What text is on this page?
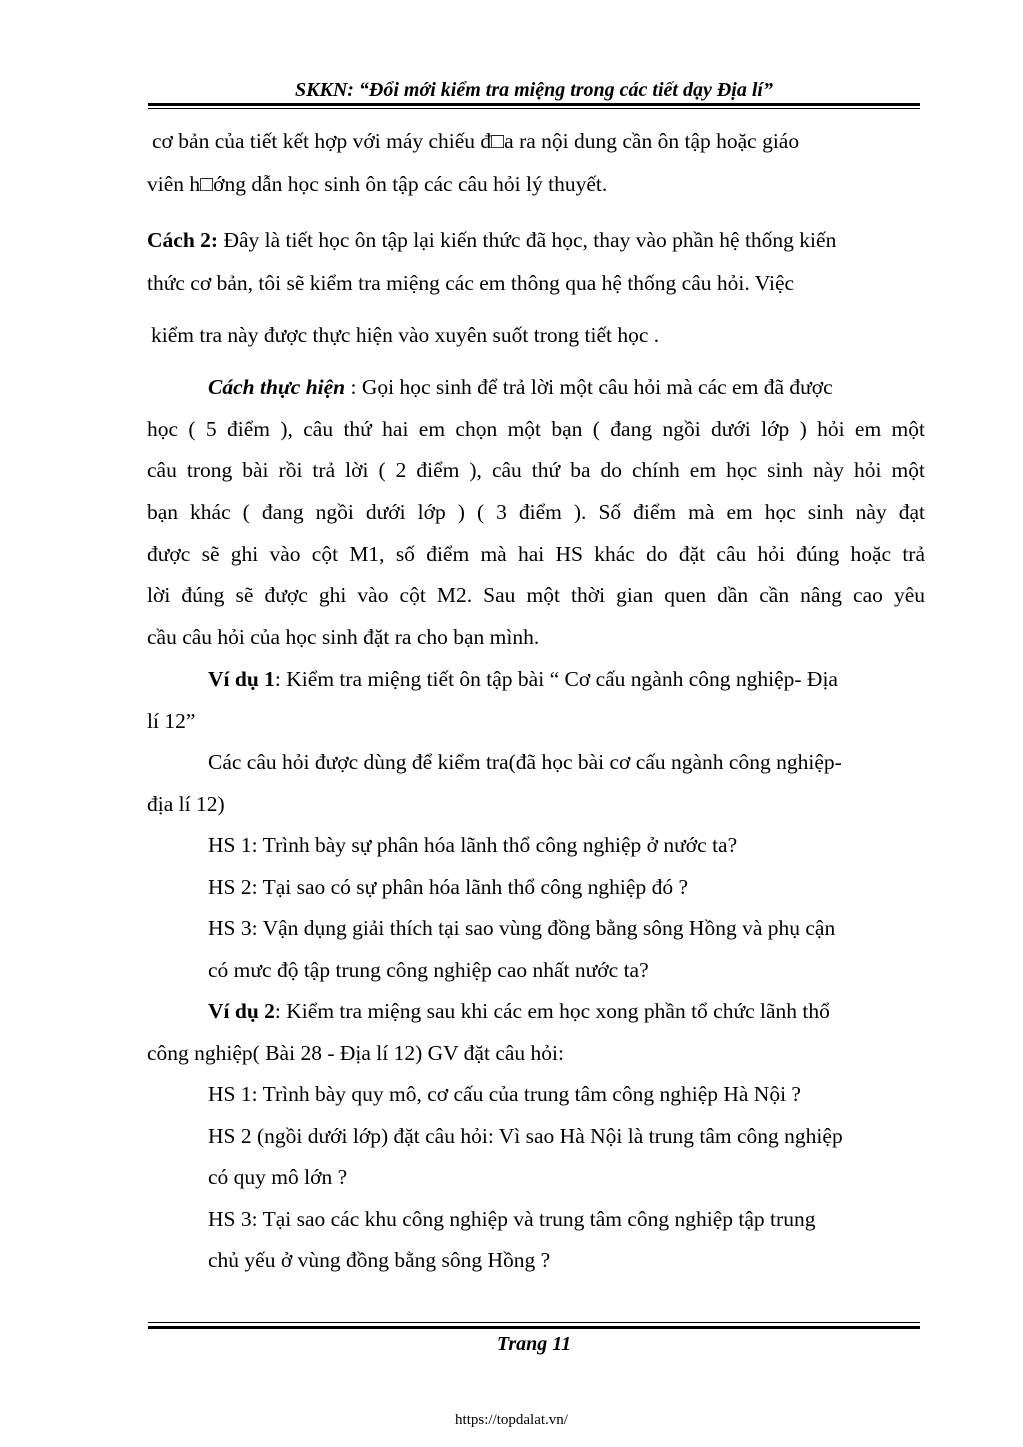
SKKN: “Đổi mới kiểm tra miệng trong các tiết dạy Địa lí”
cơ bản của tiết kết hợp với máy chiếu đ□a ra nội dung cần ôn tập hoặc giáo
viên h□ớng dẫn học sinh ôn tập các câu hỏi lý thuyết.
Cách 2: Đây là tiết học ôn tập lại kiến thức đã học, thay vào phần hệ thống kiến
thức cơ bản, tôi sẽ kiểm tra miệng các em thông qua hệ thống câu hỏi. Việc
kiểm tra này được thực hiện vào xuyên suốt trong tiết học .
Cách thực hiện : Gọi học sinh để trả lời một câu hỏi mà các em đã được
học ( 5 điểm ), câu thứ hai em chọn một bạn ( đang ngồi dưới lớp ) hỏi em một
câu trong bài rồi trả lời ( 2 điểm ), câu thứ ba do chính em học sinh này hỏi một
bạn khác ( đang ngồi dưới lớp ) ( 3 điểm ). Số điểm mà em học sinh này đạt
được sẽ ghi vào cột M1, số điểm mà hai HS khác do đặt câu hỏi đúng hoặc trả
lời đúng sẽ được ghi vào cột M2. Sau một thời gian quen dần cần nâng cao yêu
cầu câu hỏi của học sinh đặt ra cho bạn mình.
Ví dụ 1: Kiểm tra miệng tiết ôn tập bài “ Cơ cấu ngành công nghiệp- Địa
lí 12”
Các câu hỏi được dùng để kiểm tra(đã học bài cơ cấu ngành công nghiệp-
địa lí 12)
HS 1: Trình bày sự phân hóa lãnh thổ công nghiệp ở nước ta?
HS 2: Tại sao có sự phân hóa lãnh thổ công nghiệp đó ?
HS 3: Vận dụng giải thích tại sao vùng đồng bằng sông Hồng và phụ cận
có mưc độ tập trung công nghiệp cao nhất nước ta?
Ví dụ 2: Kiểm tra miệng sau khi các em học xong phần tổ chức lãnh thổ
công nghiệp( Bài 28 - Địa lí 12) GV đặt câu hỏi:
HS 1: Trình bày quy mô, cơ cấu của trung tâm công nghiệp Hà Nội ?
HS 2 (ngồi dưới lớp) đặt câu hỏi: Vì sao Hà Nội là trung tâm công nghiệp
có quy mô lớn ?
HS 3: Tại sao các khu công nghiệp và trung tâm công nghiệp tập trung
chủ yếu ở vùng đồng bằng sông Hồng ?
Trang 11
https://topdalat.vn/
